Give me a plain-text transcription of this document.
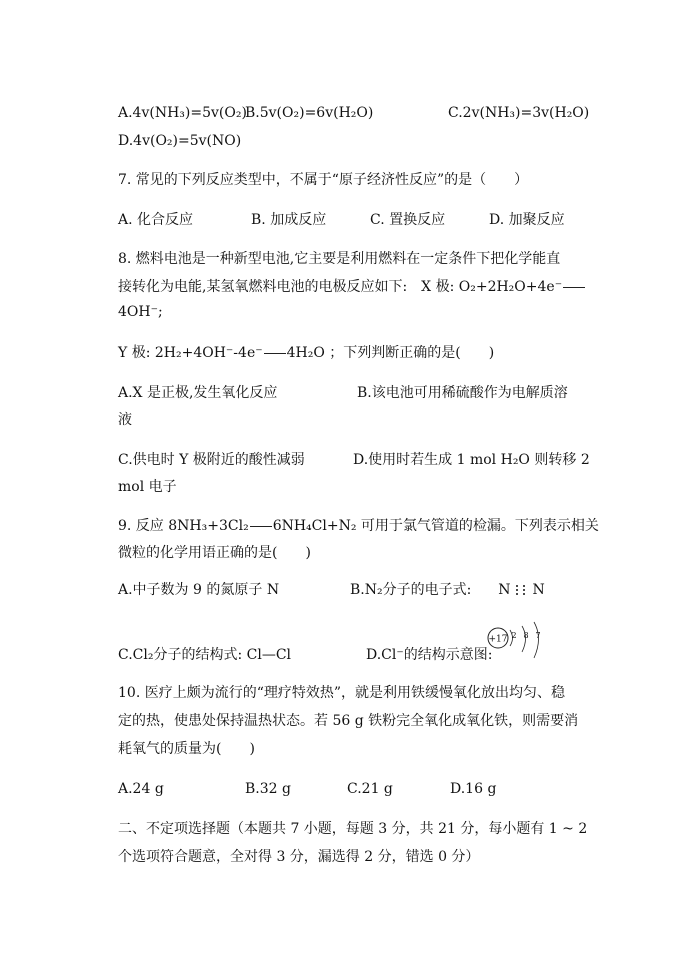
A.4v(NH₃)=5v(O₂)
B.5v(O₂)=6v(H₂O)	C.2v(NH₃)=3v(H₂O)
D.4v(O₂)=5v(NO)
7. 常见的下列反应类型中，不属于“原子经济性反应”的是（　　）
A. 化合反应	B. 加成反应	C. 置换反应	D. 加聚反应
8. 燃料电池是一种新型电池,它主要是利用燃料在一定条件下把化学能直
接转化为电能,某氢氧燃料电池的电极反应如下:　X 极: O₂+2H₂O+4e⁻
4OH⁻;
Y 极: 2H₂+4OH⁻-4e⁻ 4H₂O ；下列判断正确的是(　　)
A.X 是正极,发生氧化反应	B.该电池可用稀硫酸作为电解质溶
液
C.供电时 Y 极附近的酸性减弱	D.使用时若生成 1 mol H₂O 则转移 2
mol 电子
9. 反应 8NH₃+3Cl₂ 6NH₄Cl+N₂ 可用于氯气管道的检漏。下列表示相关
微粒的化学用语正确的是(　　)
A.中子数为 9 的氮原子 N	B.N₂分子的电子式: N N
C.Cl₂分子的结构式: Cl—Cl	D.Cl⁻的结构示意图:
+17 2 8 7
10. 医疗上颇为流行的“理疗特效热”，就是利用铁缓慢氧化放出均匀、稳
定的热，使患处保持温热状态。若 56 g 铁粉完全氧化成氧化铁，则需要消
耗氧气的质量为(　　)
A.24 g	B.32 g	C.21 g	D.16 g
二、不定项选择题（本题共 7 小题，每题 3 分，共 21 分，每小题有 1 ~ 2
个选项符合题意，全对得 3 分，漏选得 2 分，错选 0 分）
